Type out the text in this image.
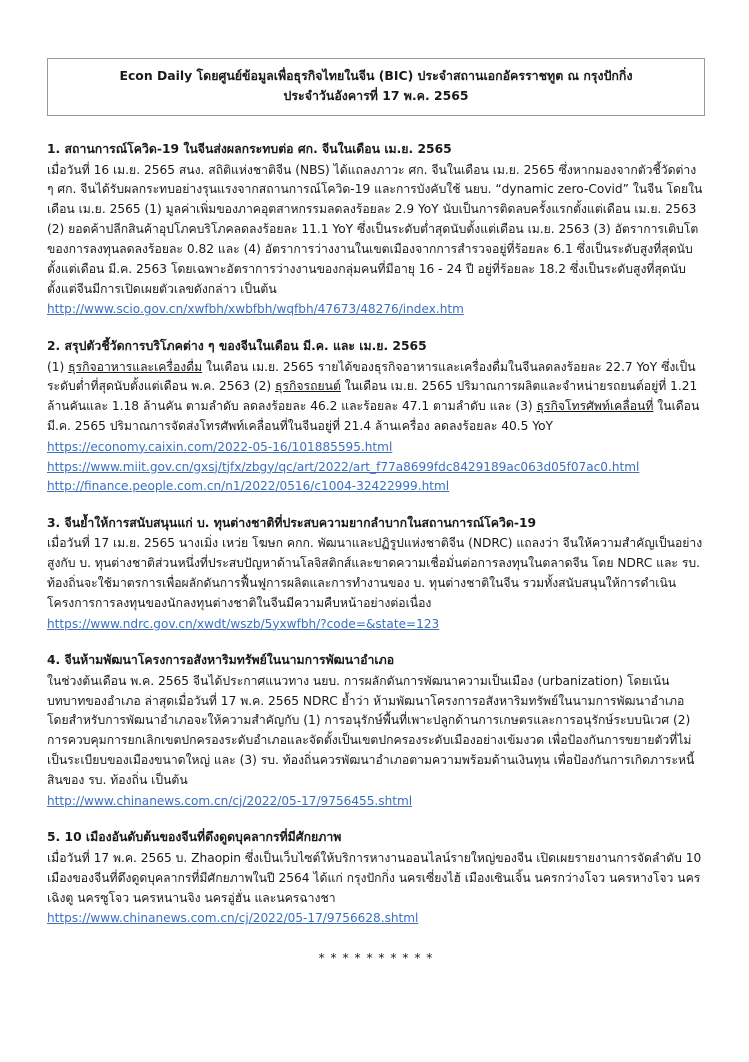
Econ Daily โดยศูนย์ข้อมูลเพื่อธุรกิจไทยในจีน (BIC) ประจำสถานเอกอัครราชทูต ณ กรุงปักกิ่ง
ประจำวันอังคารที่ 17 พ.ค. 2565
1. สถานการณ์โควิด-19 ในจีนส่งผลกระทบต่อ ศก. จีนในเดือน เม.ย. 2565

เมื่อวันที่ 16 เม.ย. 2565 สนง. สถิติแห่งชาติจีน (NBS) ได้แถลงภาวะ ศก. จีนในเดือน เม.ย. 2565 ซึ่งหากมองจากตัวชี้วัดต่าง ๆ ศก. จีนได้รับผลกระทบอย่างรุนแรงจากสถานการณ์โควิด-19 และการบังคับใช้ นยบ. “dynamic zero-Covid” ในจีน โดยในเดือน เม.ย. 2565 (1) มูลค่าเพิ่มของภาคอุตสาหกรรมลดลงร้อยละ 2.9 YoY นับเป็นการติดลบครั้งแรกตั้งแต่เดือน เม.ย. 2563 (2) ยอดค้าปลีกสินค้าอุปโภคบริโภคลดลงร้อยละ 11.1 YoY ซึ่งเป็นระดับต่ำสุดนับตั้งแต่เดือน เม.ย. 2563 (3) อัตราการเติบโตของการลงทุนลดลงร้อยละ 0.82 และ (4) อัตราการว่างงานในเขตเมืองจากการสำรวจอยู่ที่ร้อยละ 6.1 ซึ่งเป็นระดับสูงที่สุดนับตั้งแต่เดือน มี.ค. 2563 โดยเฉพาะอัตราการว่างงานของกลุ่มคนที่มีอายุ 16 - 24 ปี อยู่ที่ร้อยละ 18.2 ซึ่งเป็นระดับสูงที่สุดนับตั้งแต่จีนมีการเปิดเผยตัวเลขดังกล่าว เป็นต้น

http://www.scio.gov.cn/xwfbh/xwbfbh/wqfbh/47673/48276/index.htm
2. สรุปตัวชี้วัดการบริโภคต่าง ๆ ของจีนในเดือน มี.ค. และ เม.ย. 2565

(1) ธุรกิจอาหารและเครื่องดื่ม ในเดือน เม.ย. 2565 รายได้ของธุรกิจอาหารและเครื่องดื่มในจีนลดลงร้อยละ 22.7 YoY ซึ่งเป็นระดับต่ำที่สุดนับตั้งแต่เดือน พ.ค. 2563 (2) ธุรกิจรถยนต์ ในเดือน เม.ย. 2565 ปริมาณการผลิตและจำหน่ายรถยนต์อยู่ที่ 1.21 ล้านคันและ 1.18 ล้านคัน ตามลำดับ ลดลงร้อยละ 46.2 และร้อยละ 47.1 ตามลำดับ และ (3) ธุรกิจโทรศัพท์เคลื่อนที่ ในเดือน มี.ค. 2565 ปริมาณการจัดส่งโทรศัพท์เคลื่อนที่ในจีนอยู่ที่ 21.4 ล้านเครื่อง ลดลงร้อยละ 40.5 YoY

https://economy.caixin.com/2022-05-16/101885595.html
https://www.miit.gov.cn/gxsj/tjfx/zbgy/qc/art/2022/art_f77a8699fdc8429189ac063d05f07ac0.html
http://finance.people.com.cn/n1/2022/0516/c1004-32422999.html
3. จีนย้ำให้การสนับสนุนแก่ บ. ทุนต่างชาติที่ประสบความยากลำบากในสถานการณ์โควิด-19

เมื่อวันที่ 17 เม.ย. 2565 นางเมิ่ง เหว่ย โฆษก คกก. พัฒนาและปฏิรูปแห่งชาติจีน (NDRC) แถลงว่า จีนให้ความสำคัญเป็นอย่างสูงกับ บ. ทุนต่างชาติส่วนหนึ่งที่ประสบปัญหาด้านโลจิสติกส์และขาดความเชื่อมั่นต่อการลงทุนในตลาดจีน โดย NDRC และ รบ. ท้องถิ่นจะใช้มาตรการเพื่อผลักดันการฟื้นฟูการผลิตและการทำงานของ บ. ทุนต่างชาติในจีน รวมทั้งสนับสนุนให้การดำเนินโครงการการลงทุนของนักลงทุนต่างชาติในจีนมีความคืบหน้าอย่างต่อเนื่อง

https://www.ndrc.gov.cn/xwdt/wszb/5yxwfbh/?code=&state=123
4. จีนห้ามพัฒนาโครงการอสังหาริมทรัพย์ในนามการพัฒนาอำเภอ

ในช่วงต้นเดือน พ.ค. 2565 จีนได้ประกาศแนวทาง นยบ. การผลักดันการพัฒนาความเป็นเมือง (urbanization) โดยเน้นบทบาทของอำเภอ ล่าสุดเมื่อวันที่ 17 พ.ค. 2565 NDRC ย้ำว่า ห้ามพัฒนาโครงการอสังหาริมทรัพย์ในนามการพัฒนาอำเภอ โดยสำหรับการพัฒนาอำเภอจะให้ความสำคัญกับ (1) การอนุรักษ์พื้นที่เพาะปลูกด้านการเกษตรและการอนุรักษ์ระบบนิเวศ (2) การควบคุมการยกเลิกเขตปกครองระดับอำเภอและจัดตั้งเป็นเขตปกครองระดับเมืองอย่างเข้มงวด เพื่อป้องกันการขยายตัวที่ไม่เป็นระเบียบของเมืองขนาดใหญ่ และ (3) รบ. ท้องถิ่นควรพัฒนาอำเภอตามความพร้อมด้านเงินทุน เพื่อป้องกันการเกิดภาระหนี้สินของ รบ. ท้องถิ่น เป็นต้น

http://www.chinanews.com.cn/cj/2022/05-17/9756455.shtml
5. 10 เมืองอันดับต้นของจีนที่ดึงดูดบุคลากรที่มีศักยภาพ

เมื่อวันที่ 17 พ.ค. 2565 บ. Zhaopin ซึ่งเป็นเว็บไซต์ให้บริการหางานออนไลน์รายใหญ่ของจีน เปิดเผยรายงานการจัดลำดับ 10 เมืองของจีนที่ดึงดูดบุคลากรที่มีศักยภาพในปี 2564 ได้แก่ กรุงปักกิ่ง นครเซี่ยงไฮ้ เมืองเซินเจิ้น นครกว่างโจว นครหางโจว นครเฉิงตู นครซูโจว นครหนานจิง นครอู่ฮั่น และนครฉางชา

https://www.chinanews.com.cn/cj/2022/05-17/9756628.shtml
* * * * * * * * * *
